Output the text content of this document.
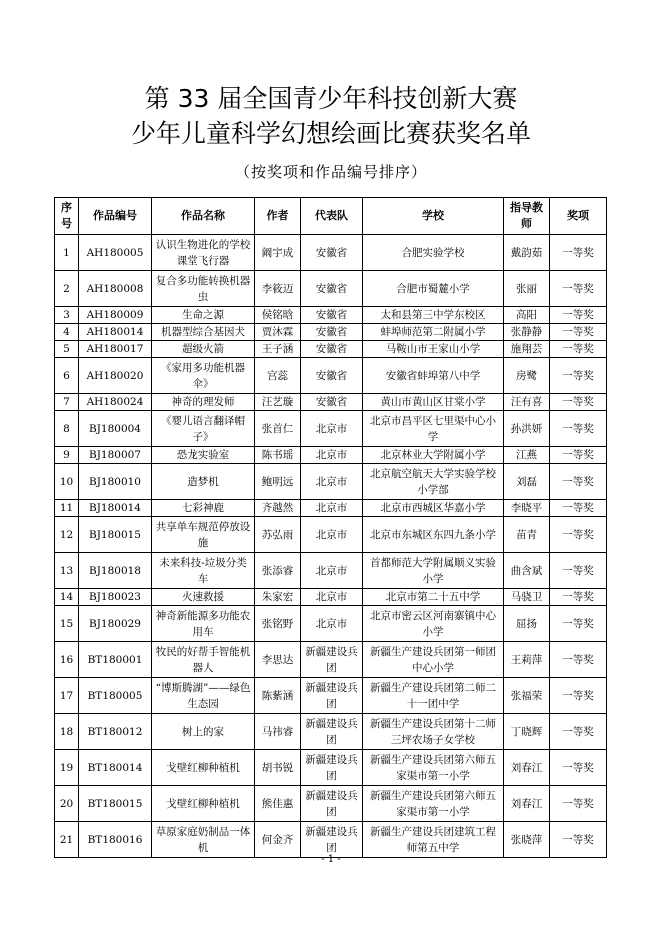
第 33 届全国青少年科技创新大赛
少年儿童科学幻想绘画比赛获奖名单
（按奖项和作品编号排序）
序号	作品编号	作品名称	作者	代表队	学校	指导教师	奖项
1	AH180005	认识生物进化的学校课堂飞行器	阚宇成	安徽省	合肥实验学校	戴韵茹	一等奖
2	AH180008	复合多功能转换机器虫	李筱迈	安徽省	合肥市蜀麓小学	张丽	一等奖
3	AH180009	生命之源	侯铭晗	安徽省	太和县第三中学东校区	高阳	一等奖
4	AH180014	机器型综合基因犬	贾沐霖	安徽省	蚌埠师范第二附属小学	张静静	一等奖
5	AH180017	超级火箭	王子涵	安徽省	马鞍山市王家山小学	施翔芸	一等奖
6	AH180020	《家用多功能机器伞》	宫蕊	安徽省	安徽省蚌埠第八中学	房鹭	一等奖
7	AH180024	神奇的理发师	汪艺璇	安徽省	黄山市黄山区甘棠小学	汪有喜	一等奖
8	BJ180004	《婴儿语言翻译帽子》	张首仁	北京市	北京市昌平区七里渠中心小学	孙洪妍	一等奖
9	BJ180007	恐龙实验室	陈书瑶	北京市	北京林业大学附属小学	江燕	一等奖
10	BJ180010	造梦机	鲍明远	北京市	北京航空航天大学实验学校小学部	刘磊	一等奖
11	BJ180014	七彩神鹿	齐越然	北京市	北京市西城区华嘉小学	李晓平	一等奖
12	BJ180015	共享单车规范停放设施	苏弘雨	北京市	北京市东城区东四九条小学	苗青	一等奖
13	BJ180018	未来科技-垃圾分类车	张添睿	北京市	首都师范大学附属顺义实验小学	曲含斌	一等奖
14	BJ180023	火速救援	朱家宏	北京市	北京市第二十五中学	马骁卫	一等奖
15	BJ180029	神奇新能源多功能农用车	张铭野	北京市	北京市密云区河南寨镇中心小学	屈扬	一等奖
16	BT180001	牧民的好帮手智能机器人	李思达	新疆建设兵团	新疆生产建设兵团第一师团中心小学	王莉萍	一等奖
17	BT180005	“博斯腾湖”——绿色生态园	陈紫涵	新疆建设兵团	新疆生产建设兵团第二师二十一团中学	张福荣	一等奖
18	BT180012	树上的家	马祎睿	新疆建设兵团	新疆生产建设兵团第十二师三坪农场子女学校	丁晓辉	一等奖
19	BT180014	戈壁红柳种植机	胡书锐	新疆建设兵团	新疆生产建设兵团第六师五家渠市第一小学	刘春江	一等奖
20	BT180015	戈壁红柳种植机	熊佳惠	新疆建设兵团	新疆生产建设兵团第六师五家渠市第一小学	刘春江	一等奖
21	BT180016	草原家庭奶制品一体机	何金齐	新疆建设兵团	新疆生产建设兵团建筑工程师第五中学	张晓萍	一等奖
- 1 -
